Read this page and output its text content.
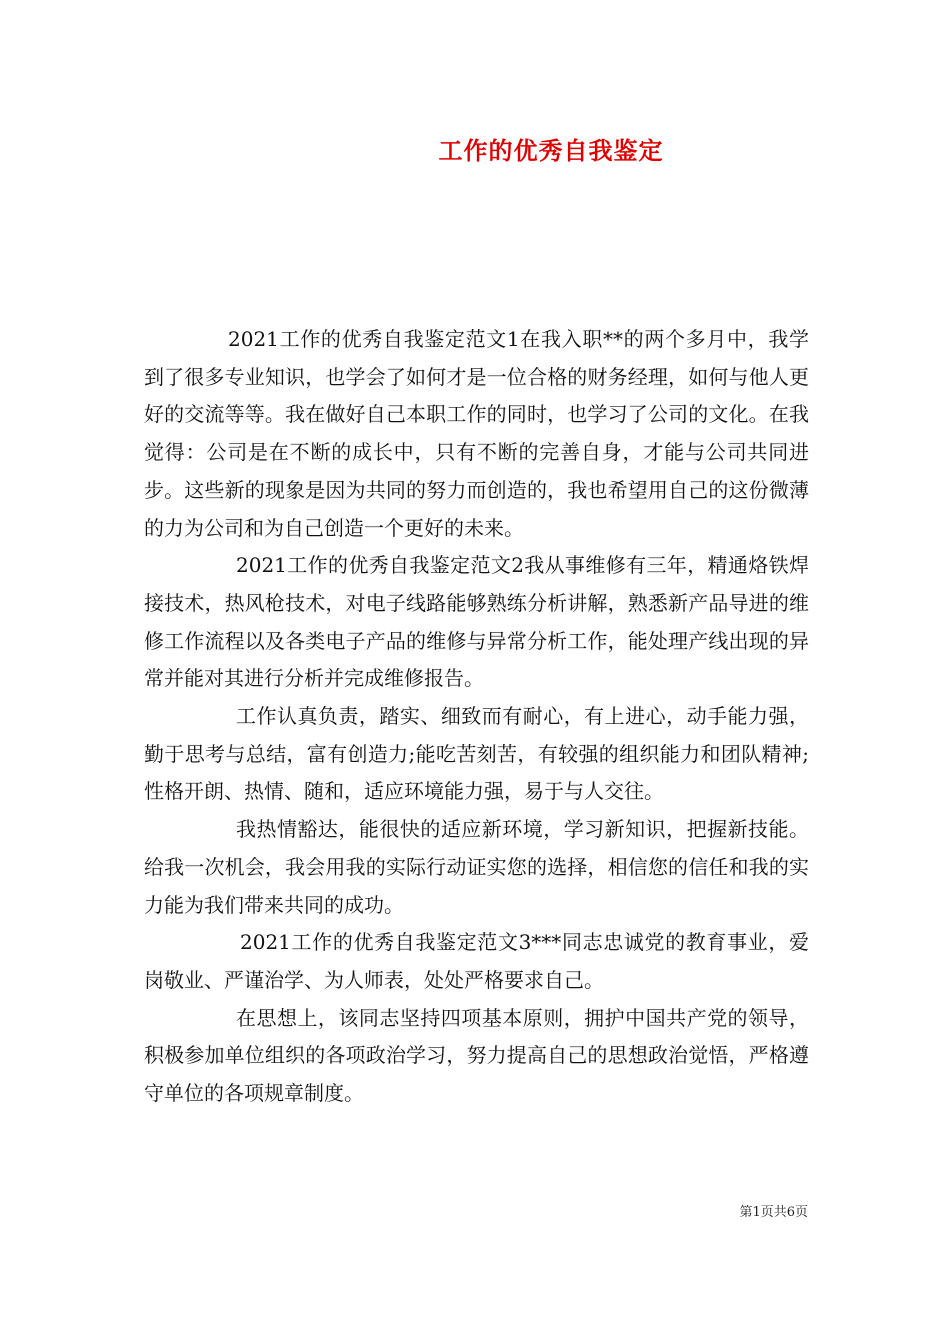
工作的优秀自我鉴定

2021工作的优秀自我鉴定范文1在我入职**的两个多月中，我学到了很多专业知识，也学会了如何才是一位合格的财务经理，如何与他人更好的交流等等。我在做好自己本职工作的同时，也学习了公司的文化。在我觉得：公司是在不断的成长中，只有不断的完善自身，才能与公司共同进步。这些新的现象是因为共同的努力而创造的，我也希望用自己的这份微薄的力为公司和为自己创造一个更好的未来。

2021工作的优秀自我鉴定范文2我从事维修有三年，精通烙铁焊接技术，热风枪技术，对电子线路能够熟练分析讲解，熟悉新产品导进的维修工作流程以及各类电子产品的维修与异常分析工作，能处理产线出现的异常并能对其进行分析并完成维修报告。

工作认真负责，踏实、细致而有耐心，有上进心，动手能力强，勤于思考与总结，富有创造力;能吃苦刻苦，有较强的组织能力和团队精神;性格开朗、热情、随和，适应环境能力强，易于与人交往。

我热情豁达，能很快的适应新环境，学习新知识，把握新技能。给我一次机会，我会用我的实际行动证实您的选择，相信您的信任和我的实力能为我们带来共同的成功。

2021工作的优秀自我鉴定范文3***同志忠诚党的教育事业，爱岗敬业、严谨治学、为人师表，处处严格要求自己。

在思想上，该同志坚持四项基本原则，拥护中国共产党的领导，积极参加单位组织的各项政治学习，努力提高自己的思想政治觉悟，严格遵守单位的各项规章制度。

第1页共6页
